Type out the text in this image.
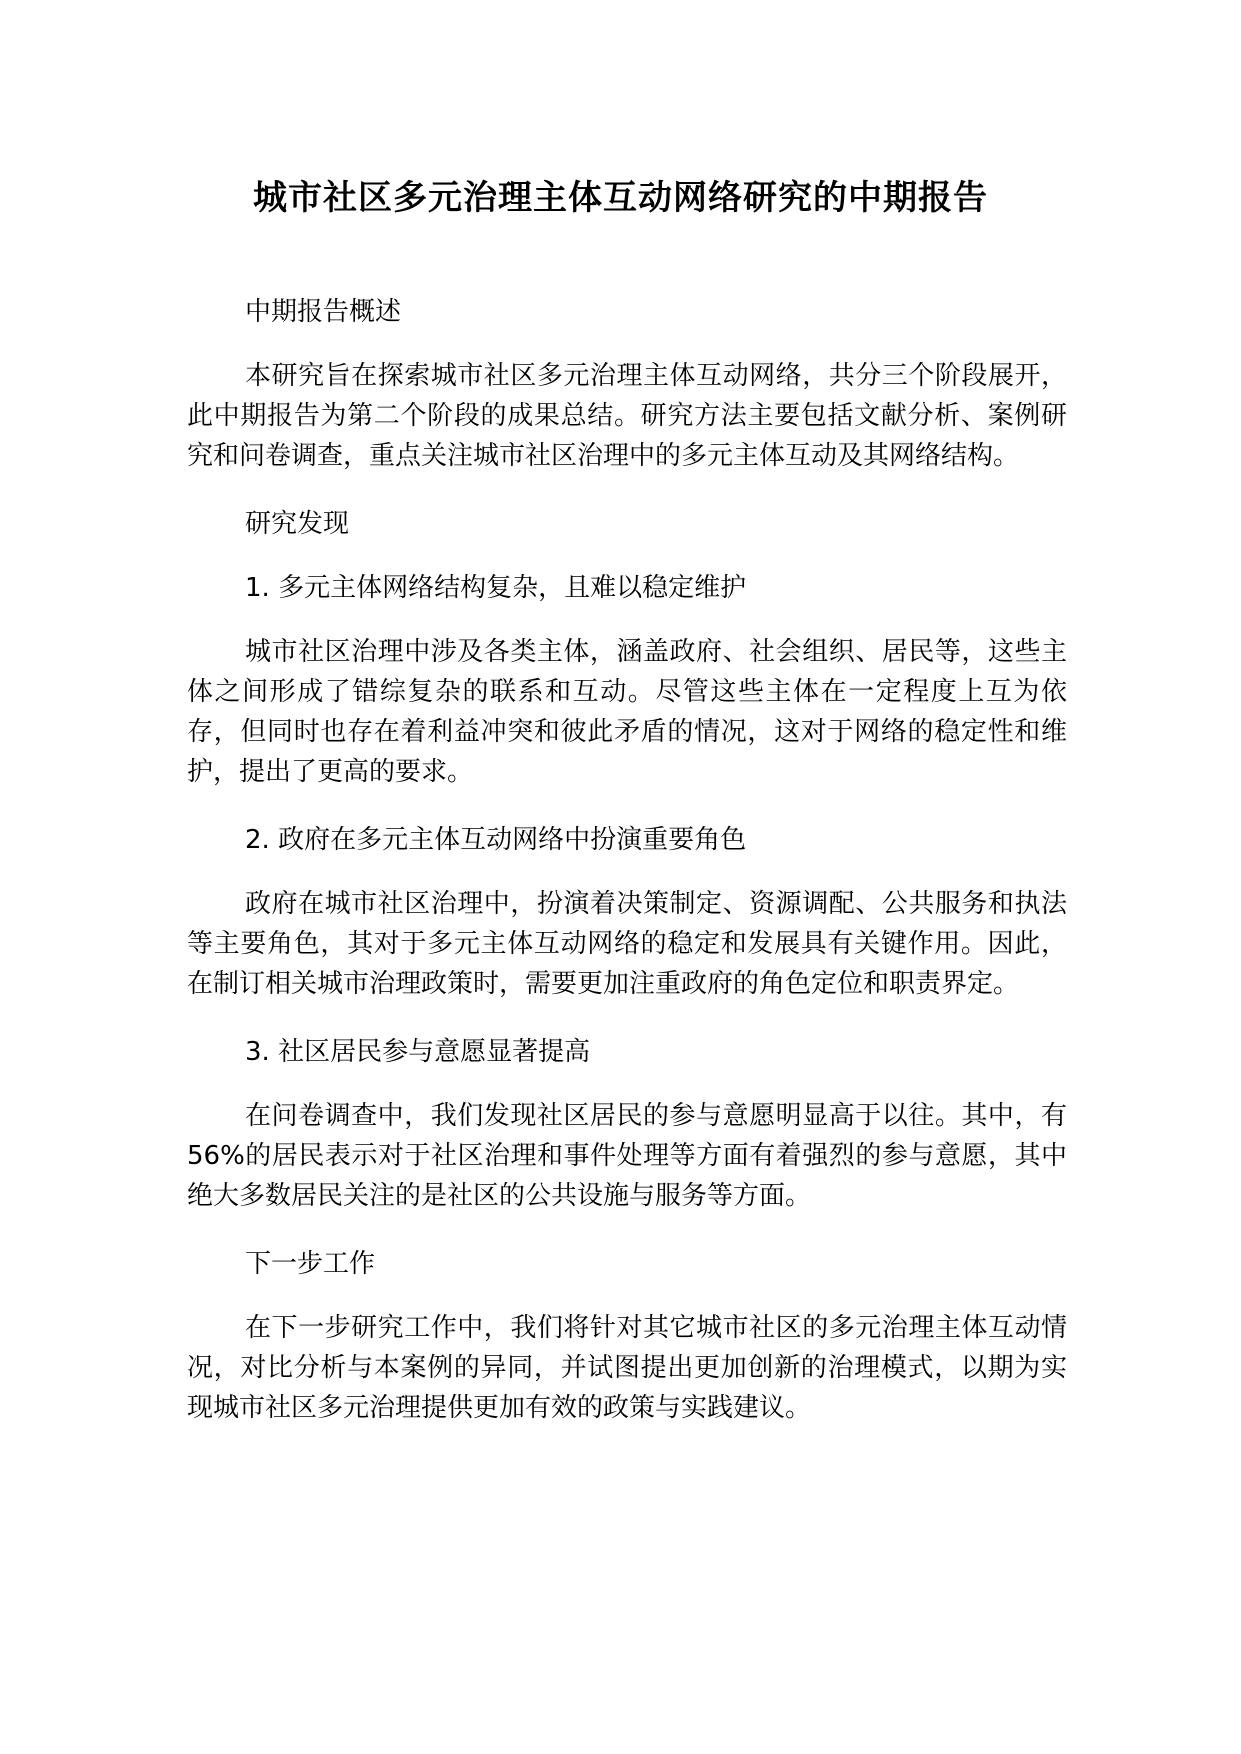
城市社区多元治理主体互动网络研究的中期报告

中期报告概述

本研究旨在探索城市社区多元治理主体互动网络，共分三个阶段展开，此中期报告为第二个阶段的成果总结。研究方法主要包括文献分析、案例研究和问卷调查，重点关注城市社区治理中的多元主体互动及其网络结构。

研究发现

1. 多元主体网络结构复杂，且难以稳定维护

城市社区治理中涉及各类主体，涵盖政府、社会组织、居民等，这些主体之间形成了错综复杂的联系和互动。尽管这些主体在一定程度上互为依存，但同时也存在着利益冲突和彼此矛盾的情况，这对于网络的稳定性和维护，提出了更高的要求。

2. 政府在多元主体互动网络中扮演重要角色

政府在城市社区治理中，扮演着决策制定、资源调配、公共服务和执法等主要角色，其对于多元主体互动网络的稳定和发展具有关键作用。因此，在制订相关城市治理政策时，需要更加注重政府的角色定位和职责界定。

3. 社区居民参与意愿显著提高

在问卷调查中，我们发现社区居民的参与意愿明显高于以往。其中，有 56%的居民表示对于社区治理和事件处理等方面有着强烈的参与意愿，其中绝大多数居民关注的是社区的公共设施与服务等方面。

下一步工作

在下一步研究工作中，我们将针对其它城市社区的多元治理主体互动情况，对比分析与本案例的异同，并试图提出更加创新的治理模式，以期为实现城市社区多元治理提供更加有效的政策与实践建议。
